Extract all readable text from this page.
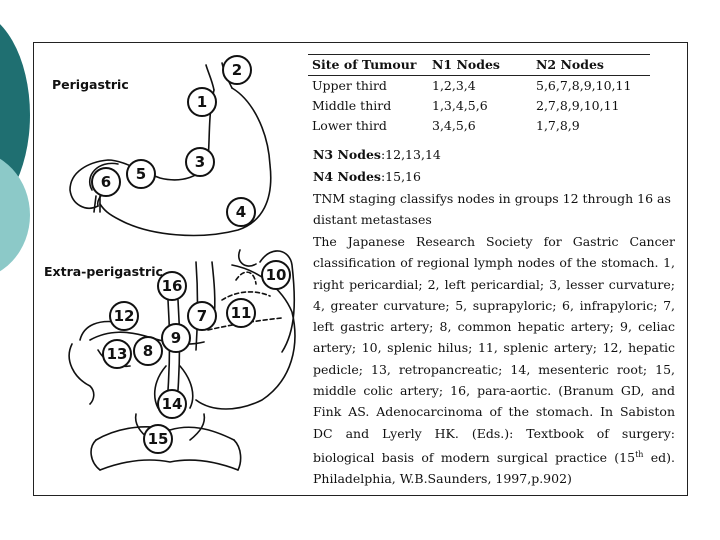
2
1
3
5
6
4
16
10
12	11
7
9
8
13
14
15
Perigastric
Extra-perigastric
Site of Tumour	N1 Nodes	N2 Nodes
Upper third	1,2,3,4	5,6,7,8,9,10,11
Middle third	1,3,4,5,6	2,7,8,9,10,11
Lower third	3,4,5,6	1,7,8,9
N3 Nodes:12,13,14
N4 Nodes:15,16
TNM staging classifys nodes in groups 12 through 16 as distant metastases
The Japanese Research Society for Gastric Cancer classification of regional lymph nodes of the stomach. 1, right pericardial; 2, left pericardial; 3, lesser curvature; 4, greater curvature; 5, suprapyloric; 6, infrapyloric; 7, left gastric artery; 8, common hepatic artery; 9, celiac artery; 10, splenic hilus; 11, splenic artery; 12, hepatic pedicle; 13, retropancreatic; 14, mesenteric root; 15, middle colic artery; 16, para-aortic. (Branum GD, and Fink AS. Adenocarcinoma of the stomach. In Sabiston DC and Lyerly HK. (Eds.): Textbook of surgery: biological basis of modern surgical practice (15th ed). Philadelphia, W.B.Saunders, 1997,p.902)
